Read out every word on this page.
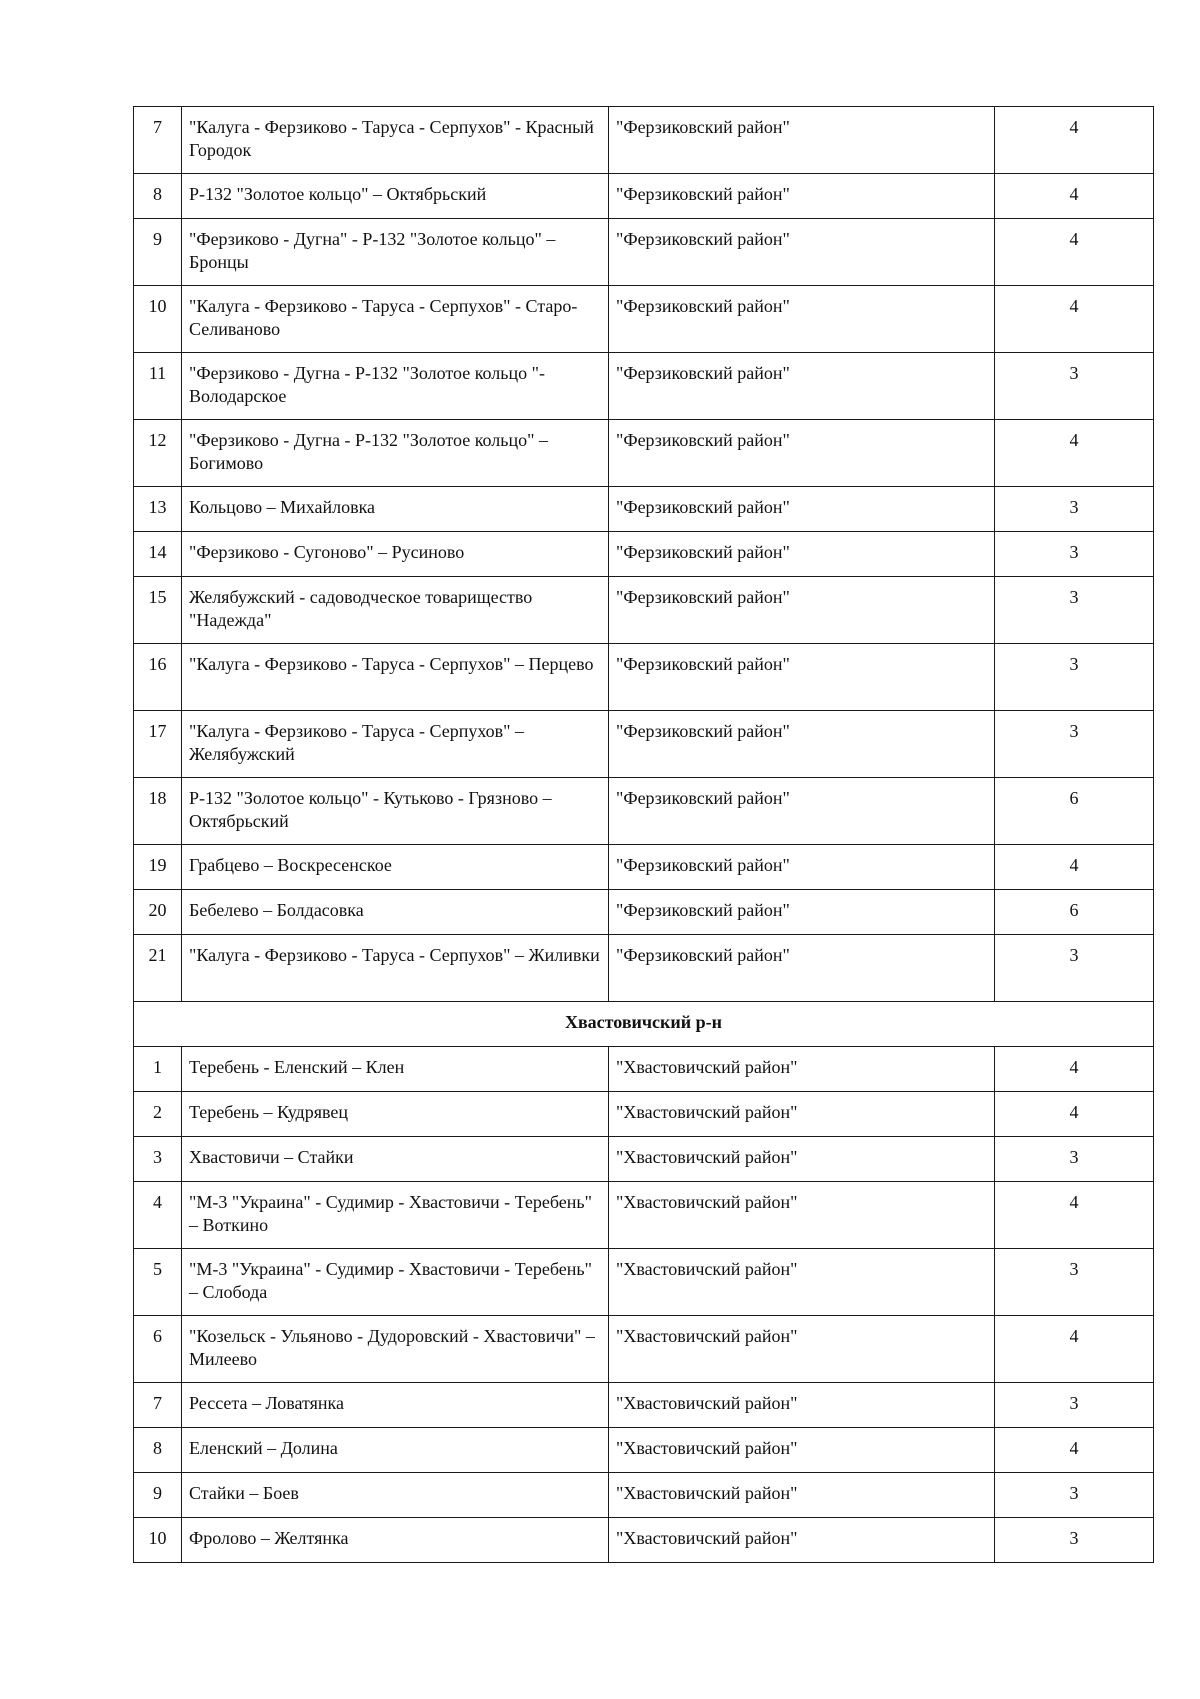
7	"Калуга - Ферзиково - Таруса - Серпухов" - Красный Городок	"Ферзиковский район"	4
8	Р-132 "Золотое кольцо" – Октябрьский	"Ферзиковский район"	4
9	"Ферзиково - Дугна" - Р-132 "Золотое кольцо" – Бронцы	"Ферзиковский район"	4
10	"Калуга - Ферзиково - Таруса - Серпухов" - Старо-Селиваново	"Ферзиковский район"	4
11	"Ферзиково - Дугна - Р-132 "Золотое кольцо "- Володарское	"Ферзиковский район"	3
12	"Ферзиково - Дугна - Р-132 "Золотое кольцо" – Богимово	"Ферзиковский район"	4
13	Кольцово – Михайловка	"Ферзиковский район"	3
14	"Ферзиково - Сугоново" – Русиново	"Ферзиковский район"	3
15	Желябужский - садоводческое товарищество "Надежда"	"Ферзиковский район"	3
16	"Калуга - Ферзиково - Таруса - Серпухов" – Перцево	"Ферзиковский район"	3
17	"Калуга - Ферзиково - Таруса - Серпухов" – Желябужский	"Ферзиковский район"	3
18	Р-132 "Золотое кольцо" - Кутьково - Грязново – Октябрьский	"Ферзиковский район"	6
19	Грабцево – Воскресенское	"Ферзиковский район"	4
20	Бебелево – Болдасовка	"Ферзиковский район"	6
21	"Калуга - Ферзиково - Таруса - Серпухов" – Жиливки	"Ферзиковский район"	3
Хвастовичский р-н			
1	Теребень - Еленский – Клен	"Хвастовичский район"	4
2	Теребень – Кудрявец	"Хвастовичский район"	4
3	Хвастовичи – Стайки	"Хвастовичский район"	3
4	"М-3 "Украина" - Судимир - Хвастовичи - Теребень" – Воткино	"Хвастовичский район"	4
5	"М-3 "Украина" - Судимир - Хвастовичи - Теребень" – Слобода	"Хвастовичский район"	3
6	"Козельск - Ульяново - Дудоровский - Хвастовичи" – Милеево	"Хвастовичский район"	4
7	Рессета – Ловатянка	"Хвастовичский район"	3
8	Еленский – Долина	"Хвастовичский район"	4
9	Стайки – Боев	"Хвастовичский район"	3
10	Фролово – Желтянка	"Хвастовичский район"	3
